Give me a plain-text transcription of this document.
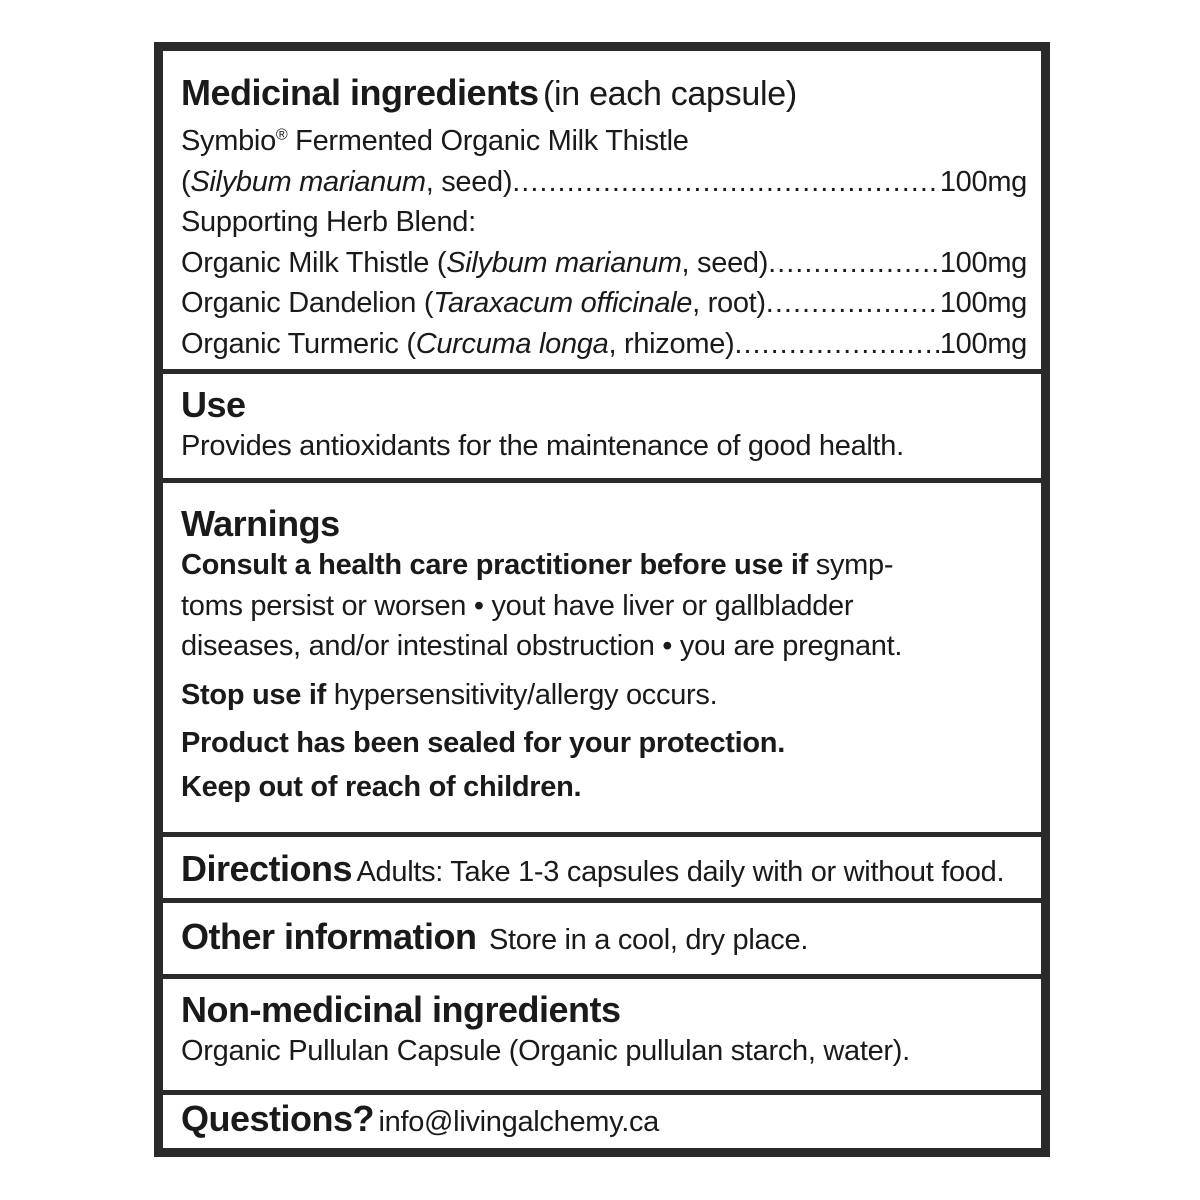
Medicinal ingredients (in each capsule)
Symbio® Fermented Organic Milk Thistle
(Silybum marianum, seed) .....	100mg
Supporting Herb Blend:
Organic Milk Thistle (Silybum marianum, seed) .....	100mg
Organic Dandelion (Taraxacum officinale, root) .....	100mg
Organic Turmeric (Curcuma longa, rhizome) .....	100mg
Use
Provides antioxidants for the maintenance of good health.
Warnings
Consult a health care practitioner before use if symp-
toms persist or worsen • yout have liver or gallbladder
diseases, and/or intestinal obstruction • you are pregnant.
Stop use if hypersensitivity/allergy occurs.
Product has been sealed for your protection.
Keep out of reach of children.
Directions Adults: Take 1-3 capsules daily with or without food.
Other information Store in a cool, dry place.
Non-medicinal ingredients
Organic Pullulan Capsule (Organic pullulan starch, water).
Questions? info@livingalchemy.ca
